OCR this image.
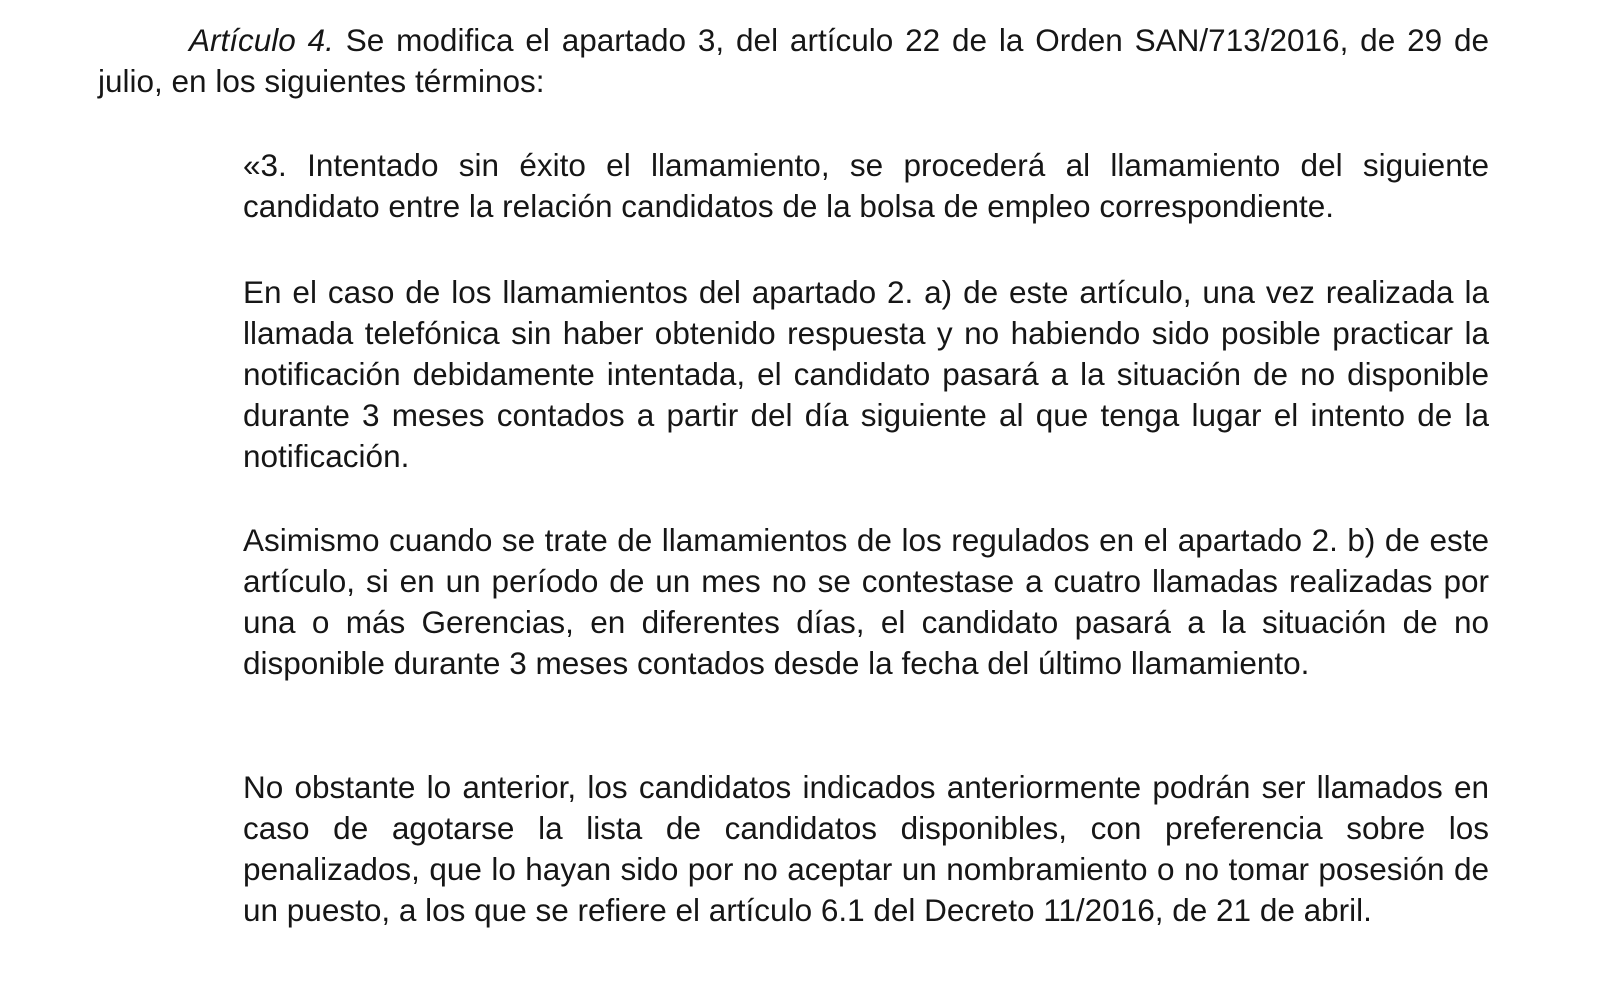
Artículo 4. Se modifica el apartado 3, del artículo 22 de la Orden SAN/713/2016, de 29 de julio, en los siguientes términos:

«3. Intentado sin éxito el llamamiento, se procederá al llamamiento del siguiente candidato entre la relación candidatos de la bolsa de empleo correspondiente.

En el caso de los llamamientos del apartado 2. a) de este artículo, una vez realizada la llamada telefónica sin haber obtenido respuesta y no habiendo sido posible practicar la notificación debidamente intentada, el candidato pasará a la situación de no disponible durante 3 meses contados a partir del día siguiente al que tenga lugar el intento de la notificación.

Asimismo cuando se trate de llamamientos de los regulados en el apartado 2. b) de este artículo, si en un período de un mes no se contestase a cuatro llamadas realizadas por una o más Gerencias, en diferentes días, el candidato pasará a la situación de no disponible durante 3 meses contados desde la fecha del último llamamiento.

No obstante lo anterior, los candidatos indicados anteriormente podrán ser llamados en caso de agotarse la lista de candidatos disponibles, con preferencia sobre los penalizados, que lo hayan sido por no aceptar un nombramiento o no tomar posesión de un puesto, a los que se refiere el artículo 6.1 del Decreto 11/2016, de 21 de abril.
